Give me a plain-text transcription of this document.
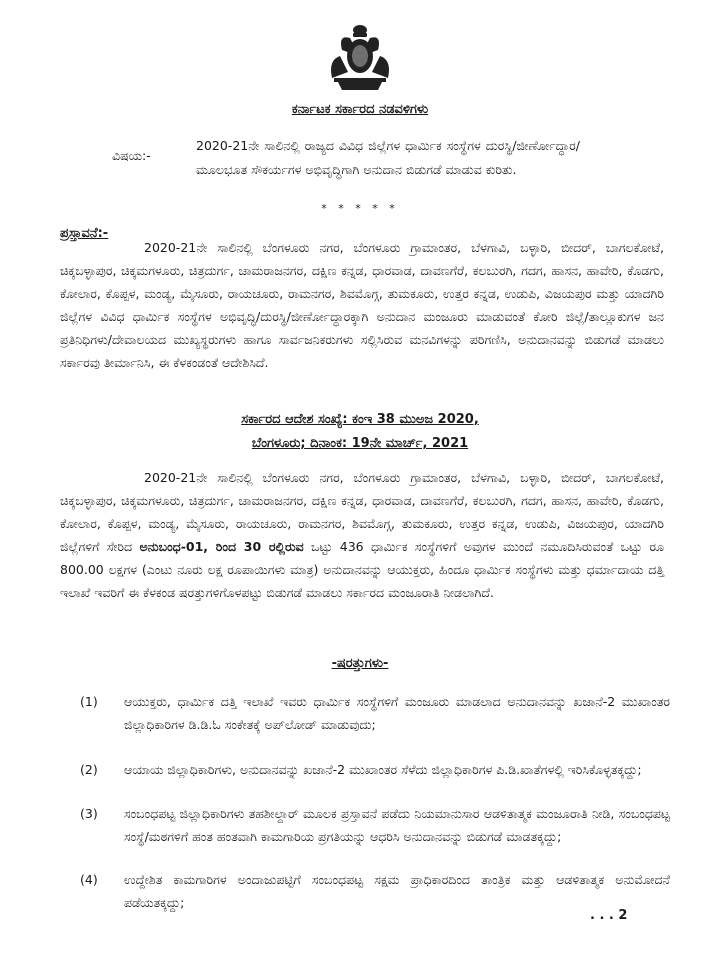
ಕರ್ನಾಟಕ ಸರ್ಕಾರದ ನಡವಳಿಗಳು
ವಿಷಯ:-
2020-21ನೇ ಸಾಲಿನಲ್ಲಿ ರಾಜ್ಯದ ವಿವಿಧ ಜಿಲ್ಲೆಗಳ ಧಾರ್ಮಿಕ ಸಂಸ್ಥೆಗಳ ದುರಸ್ಥಿ/ಜೀರ್ಣೋದ್ಧಾರ/ಮೂಲಭೂತ ಸೌಕರ್ಯಗಳ ಅಭಿವೃದ್ಧಿಗಾಗಿ ಅನುದಾನ ಬಿಡುಗಡೆ ಮಾಡುವ ಕುರಿತು.
* * * * *
ಪ್ರಸ್ತಾವನೆ:-
2020-21ನೇ ಸಾಲಿನಲ್ಲಿ ಬೆಂಗಳೂರು ನಗರ, ಬೆಂಗಳೂರು ಗ್ರಾಮಾಂತರ, ಬೆಳಗಾವಿ, ಬಳ್ಳಾರಿ, ಬೀದರ್, ಬಾಗಲಕೋಟೆ, ಚಿಕ್ಕಬಳ್ಳಾಪುರ, ಚಿಕ್ಕಮಗಳೂರು, ಚಿತ್ರದುರ್ಗ, ಚಾಮರಾಜನಗರ, ದಕ್ಷಿಣ ಕನ್ನಡ, ಧಾರವಾಡ, ದಾವಣಗೆರೆ, ಕಲಬುರಗಿ, ಗದಗ, ಹಾಸನ, ಹಾವೇರಿ, ಕೊಡಗು, ಕೋಲಾರ, ಕೊಪ್ಪಳ, ಮಂಡ್ಯ, ಮೈಸೂರು, ರಾಯಚೂರು, ರಾಮನಗರ, ಶಿವಮೊಗ್ಗ, ತುಮಕೂರು, ಉತ್ತರ ಕನ್ನಡ, ಉಡುಪಿ, ವಿಜಯಪುರ ಮತ್ತು ಯಾದಗಿರಿ ಜಿಲ್ಲೆಗಳ ವಿವಿಧ ಧಾರ್ಮಿಕ ಸಂಸ್ಥೆಗಳ ಅಭಿವೃದ್ಧಿ/ದುರಸ್ಥಿ/ಜೀರ್ಣೋದ್ಧಾರಕ್ಕಾಗಿ ಅನುದಾನ ಮಂಜೂರು ಮಾಡುವಂತೆ ಕೋರಿ ಜಿಲ್ಲೆ/ತಾಲ್ಲೂಕುಗಳ ಜನ ಪ್ರತಿನಿಧಿಗಳು/ದೇವಾಲಯದ ಮುಖ್ಯಸ್ಥರುಗಳು ಹಾಗೂ ಸಾರ್ವಜನಿಕರುಗಳು ಸಲ್ಲಿಸಿರುವ ಮನವಿಗಳನ್ನು ಪರಿಗಣಿಸಿ, ಅನುದಾನವನ್ನು ಬಿಡುಗಡೆ ಮಾಡಲು ಸರ್ಕಾರವು ತೀರ್ಮಾನಿಸಿ, ಈ ಕೆಳಕಂಡಂತೆ ಆದೇಶಿಸಿದೆ.
ಸರ್ಕಾರದ ಆದೇಶ ಸಂಖ್ಯೆ: ಕಂಇ 38 ಮುಅಜ 2020,
ಬೆಂಗಳೂರು; ದಿನಾಂಕ: 19ನೇ ಮಾರ್ಚ್, 2021
2020-21ನೇ ಸಾಲಿನಲ್ಲಿ ಬೆಂಗಳೂರು ನಗರ, ಬೆಂಗಳೂರು ಗ್ರಾಮಾಂತರ, ಬೆಳಗಾವಿ, ಬಳ್ಳಾರಿ, ಬೀದರ್, ಬಾಗಲಕೋಟೆ, ಚಿಕ್ಕಬಳ್ಳಾಪುರ, ಚಿಕ್ಕಮಗಳೂರು, ಚಿತ್ರದುರ್ಗ, ಚಾಮರಾಜನಗರ, ದಕ್ಷಿಣ ಕನ್ನಡ, ಧಾರವಾಡ, ದಾವಣಗೆರೆ, ಕಲಬುರಗಿ, ಗದಗ, ಹಾಸನ, ಹಾವೇರಿ, ಕೊಡಗು, ಕೋಲಾರ, ಕೊಪ್ಪಳ, ಮಂಡ್ಯ, ಮೈಸೂರು, ರಾಯಚೂರು, ರಾಮನಗರ, ಶಿವಮೊಗ್ಗ, ತುಮಕೂರು, ಉತ್ತರ ಕನ್ನಡ, ಉಡುಪಿ, ವಿಜಯಪುರ, ಯಾದಗಿರಿ ಜಿಲ್ಲೆಗಳಿಗೆ ಸೇರಿದ ಅನುಬಂಧ-01, ರಿಂದ 30 ರಲ್ಲಿರುವ ಒಟ್ಟು 436 ಧಾರ್ಮಿಕ ಸಂಸ್ಥೆಗಳಿಗೆ ಅವುಗಳ ಮುಂದೆ ನಮೂದಿಸಿರುವಂತೆ ಒಟ್ಟು ರೂ 800.00 ಲಕ್ಷಗಳ (ಎಂಟು ನೂರು ಲಕ್ಷ ರೂಪಾಯಿಗಳು ಮಾತ್ರ) ಅನುದಾನವನ್ನು ಆಯುಕ್ತರು, ಹಿಂದೂ ಧಾರ್ಮಿಕ ಸಂಸ್ಥೆಗಳು ಮತ್ತು ಧರ್ಮಾದಾಯ ದತ್ತಿ ಇಲಾಖೆ ಇವರಿಗೆ ಈ ಕೆಳಕಂಡ ಷರತ್ತುಗಳಿಗೊಳಪಟ್ಟು ಬಿಡುಗಡೆ ಮಾಡಲು ಸರ್ಕಾರದ ಮಂಜೂರಾತಿ ನೀಡಲಾಗಿದೆ.
-ಷರತ್ತುಗಳು-
(1)	ಆಯುಕ್ತರು, ಧಾರ್ಮಿಕ ದತ್ತಿ ಇಲಾಖೆ ಇವರು ಧಾರ್ಮಿಕ ಸಂಸ್ಥೆಗಳಿಗೆ ಮಂಜೂರು ಮಾಡಲಾದ ಅನುದಾನವನ್ನು ಖಜಾನೆ-2 ಮುಖಾಂತರ ಜಿಲ್ಲಾಧಿಕಾರಿಗಳ ಡಿ.ಡಿ.ಓ ಸಂಕೇತಕ್ಕೆ ಅಪ್‌ಲೋಡ್ ಮಾಡುವುದು;
(2)	ಆಯಾಯ ಜಿಲ್ಲಾಧಿಕಾರಿಗಳು, ಅನುದಾನವನ್ನು ಖಜಾನೆ-2 ಮುಖಾಂತರ ಸೆಳೆದು ಜಿಲ್ಲಾಧಿಕಾರಿಗಳ ಪಿ.ಡಿ.ಖಾತೆಗಳಲ್ಲಿ ಇರಿಸಿಕೊಳ್ಳತಕ್ಕದ್ದು;
(3)	ಸಂಬಂಧಪಟ್ಟ ಜಿಲ್ಲಾಧಿಕಾರಿಗಳು ತಹಶೀಲ್ದಾರ್ ಮೂಲಕ ಪ್ರಸ್ತಾವನೆ ಪಡೆದು ನಿಯಮಾನುಸಾರ ಆಡಳಿತಾತ್ಮಕ ಮಂಜೂರಾತಿ ನೀಡಿ, ಸಂಬಂಧಪಟ್ಟ ಸಂಸ್ಥೆ/ಮಠಗಳಿಗೆ ಹಂತ ಹಂತವಾಗಿ ಕಾಮಗಾರಿಯ ಪ್ರಗತಿಯನ್ನು ಆಧರಿಸಿ ಅನುದಾನವನ್ನು ಬಿಡುಗಡೆ ಮಾಡತಕ್ಕದ್ದು;
(4)	ಉದ್ದೇಶಿತ ಕಾಮಗಾರಿಗಳ ಅಂದಾಜುಪಟ್ಟಿಗೆ ಸಂಬಂಧಪಟ್ಟ ಸಕ್ಷಮ ಪ್ರಾಧಿಕಾರದಿಂದ ತಾಂತ್ರಿಕ ಮತ್ತು ಆಡಳಿತಾತ್ಮಕ ಅನುಮೋದನೆ ಪಡೆಯತಕ್ಕದ್ದು;
. . . 2
